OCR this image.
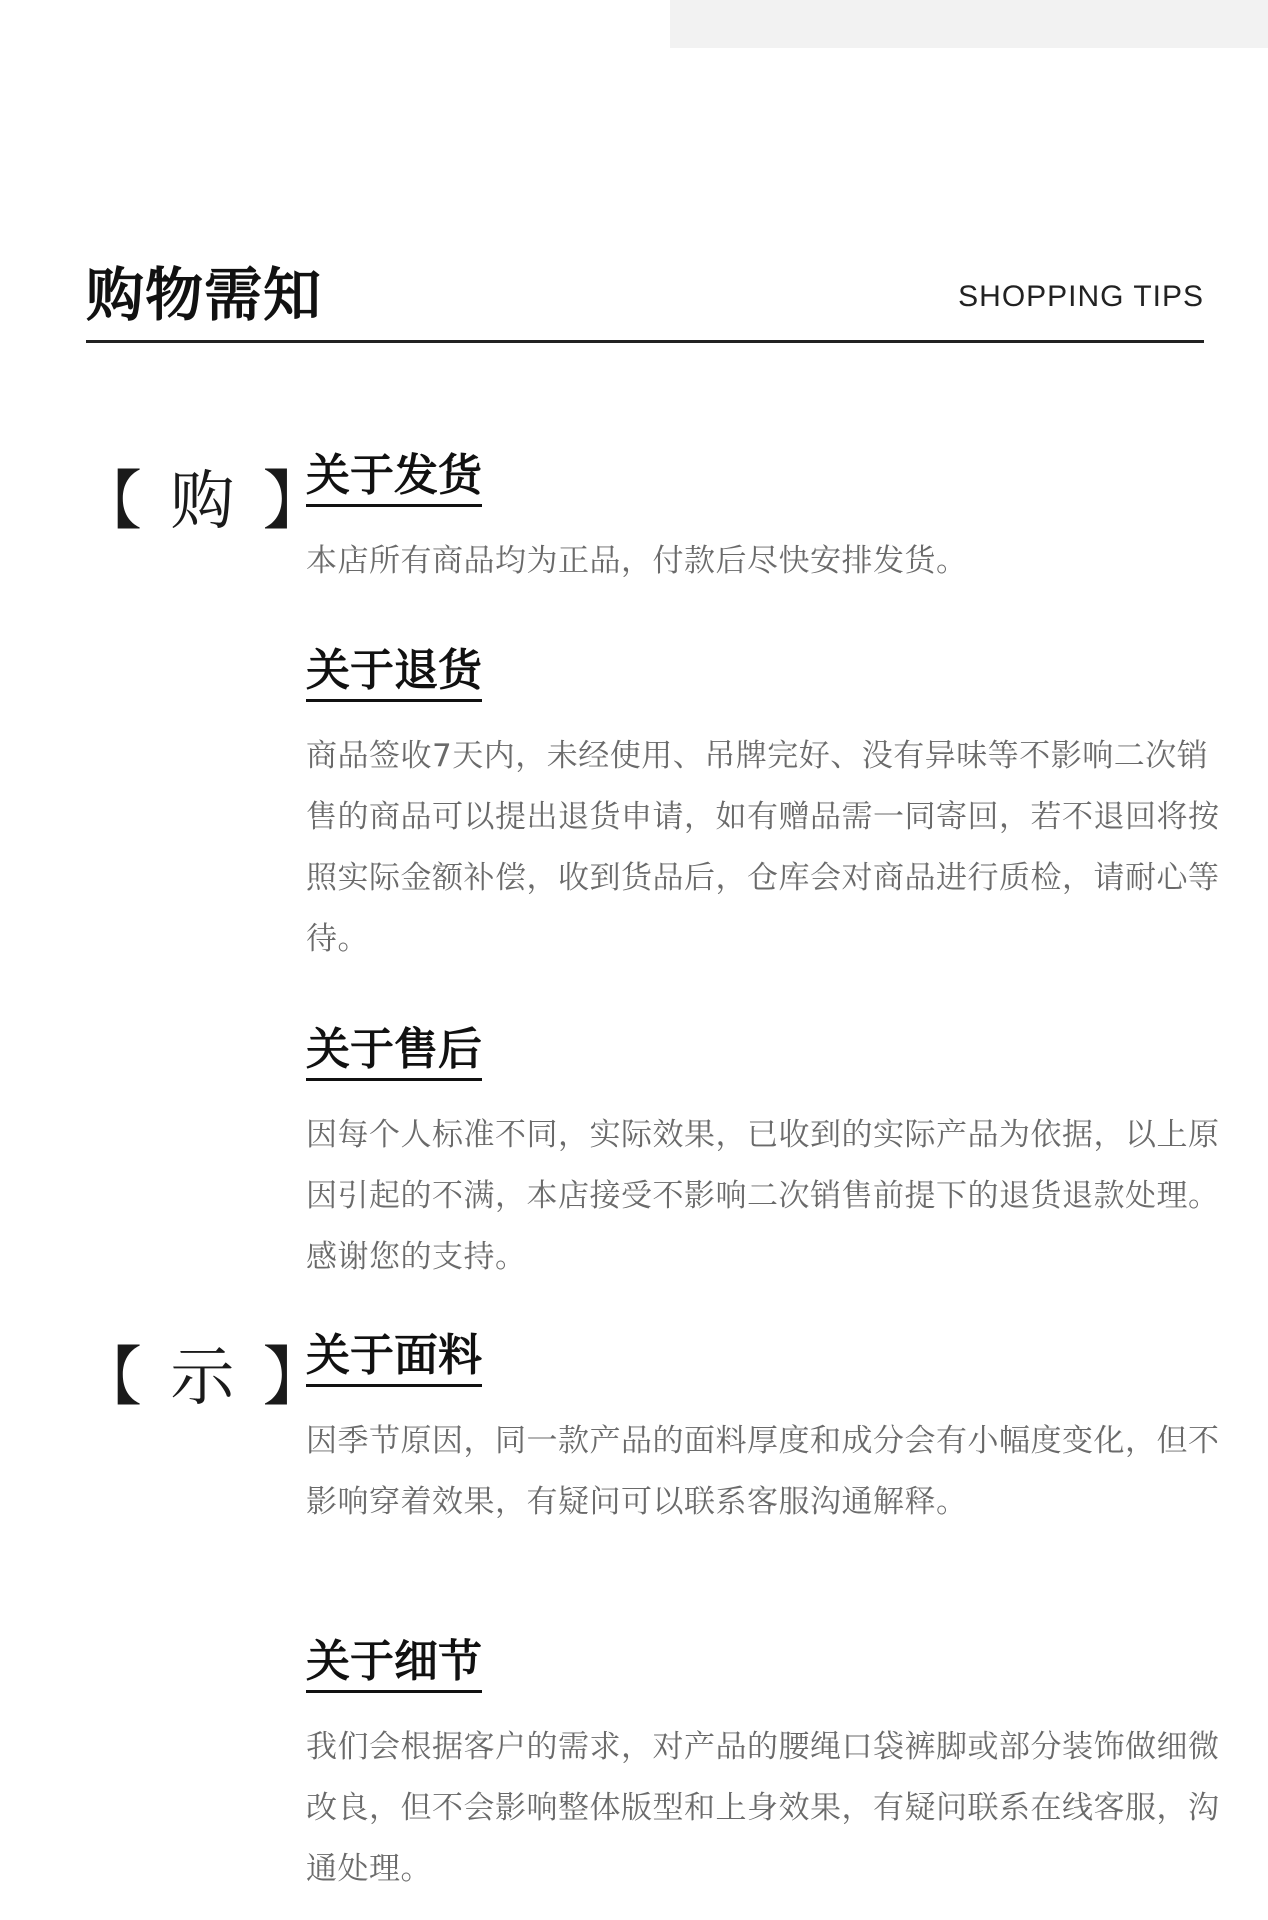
购物需知	SHOPPING TIPS
【 购 】
【 示 】
关于发货
本店所有商品均为正品，付款后尽快安排发货。
关于退货
商品签收7天内，未经使用、吊牌完好、没有异味等不影响二次销售的商品可以提出退货申请，如有赠品需一同寄回，若不退回将按照实际金额补偿，收到货品后，仓库会对商品进行质检，请耐心等待。
关于售后
因每个人标准不同，实际效果，已收到的实际产品为依据，以上原因引起的不满，本店接受不影响二次销售前提下的退货退款处理。感谢您的支持。
关于面料
因季节原因，同一款产品的面料厚度和成分会有小幅度变化，但不影响穿着效果，有疑问可以联系客服沟通解释。
关于细节
我们会根据客户的需求，对产品的腰绳口袋裤脚或部分装饰做细微改良，但不会影响整体版型和上身效果，有疑问联系在线客服，沟通处理。
